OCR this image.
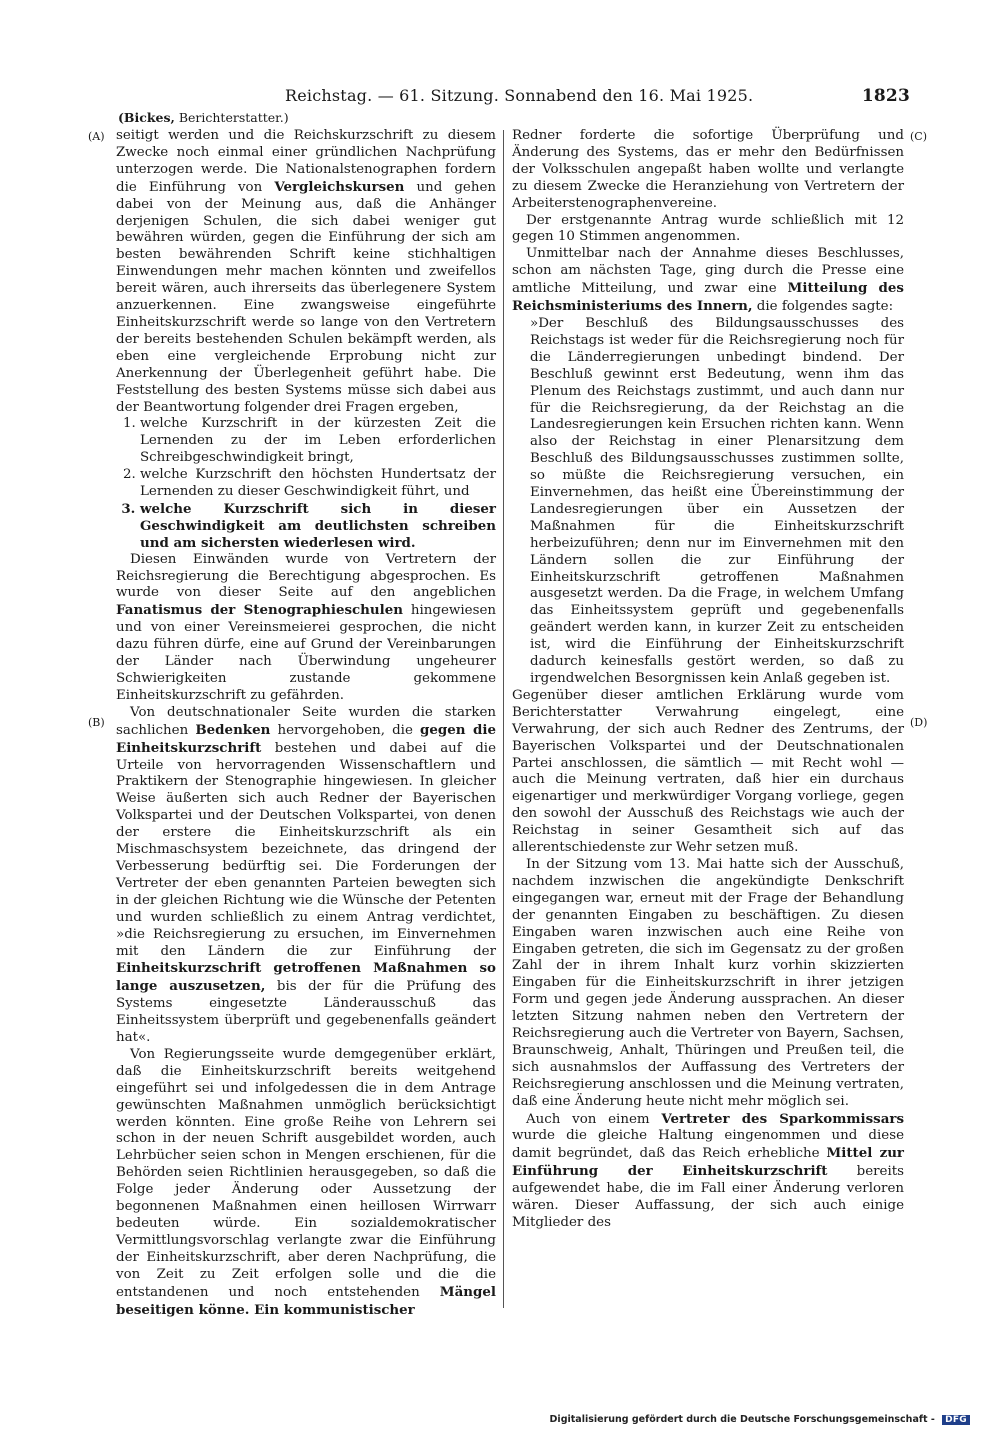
Reichstag. — 61. Sitzung. Sonnabend den 16. Mai 1925.	1823
(Bickes, Berichterstatter.)
(A)
(B)
(C)
(D)

seitigt werden und die Reichskurzschrift zu diesem Zwecke noch einmal einer gründlichen Nachprüfung unterzogen werde. Die Nationalstenographen fordern die Einführung von Vergleichskursen und gehen dabei von der Meinung aus, daß die Anhänger derjenigen Schulen, die sich dabei weniger gut bewähren würden, gegen die Einführung der sich am besten bewährenden Schrift keine stichhaltigen Einwendungen mehr machen könnten und zweifellos bereit wären, auch ihrerseits das überlegenere System anzuerkennen. Eine zwangsweise eingeführte Einheitskurzschrift werde so lange von den Vertretern der bereits bestehenden Schulen bekämpft werden, als eben eine vergleichende Erprobung nicht zur Anerkennung der Überlegenheit geführt habe. Die Feststellung des besten Systems müsse sich dabei aus der Beantwortung folgender drei Fragen ergeben,

1. welche Kurzschrift in der kürzesten Zeit die Lernenden zu der im Leben erforderlichen Schreibgeschwindigkeit bringt,
2. welche Kurzschrift den höchsten Hundertsatz der Lernenden zu dieser Geschwindigkeit führt, und
3. welche Kurzschrift sich in dieser Geschwindigkeit am deutlichsten schreiben und am sichersten wiederlesen wird.

Diesen Einwänden wurde von Vertretern der Reichsregierung die Berechtigung abgesprochen. Es wurde von dieser Seite auf den angeblichen Fanatismus der Stenographieschulen hingewiesen und von einer Vereinsmeierei gesprochen, die nicht dazu führen dürfe, eine auf Grund der Vereinbarungen der Länder nach Überwindung ungeheurer Schwierigkeiten zustande gekommene Einheitskurzschrift zu gefährden.

Von deutschnationaler Seite wurden die starken sachlichen Bedenken hervorgehoben, die gegen die Einheitskurzschrift bestehen und dabei auf die Urteile von hervorragenden Wissenschaftlern und Praktikern der Stenographie hingewiesen. In gleicher Weise äußerten sich auch Redner der Bayerischen Volkspartei und der Deutschen Volkspartei, von denen der erstere die Einheitskurzschrift als ein Mischmaschsystem bezeichnete, das dringend der Verbesserung bedürftig sei. Die Forderungen der Vertreter der eben genannten Parteien bewegten sich in der gleichen Richtung wie die Wünsche der Petenten und wurden schließlich zu einem Antrag verdichtet, »die Reichsregierung zu ersuchen, im Einvernehmen mit den Ländern die zur Einführung der Einheitskurzschrift getroffenen Maßnahmen so lange auszusetzen, bis der für die Prüfung des Systems eingesetzte Länderausschuß das Einheitssystem überprüft und gegebenenfalls geändert hat«.

Von Regierungsseite wurde demgegenüber erklärt, daß die Einheitskurzschrift bereits weitgehend eingeführt sei und infolgedessen die in dem Antrage gewünschten Maßnahmen unmöglich berücksichtigt werden könnten. Eine große Reihe von Lehrern sei schon in der neuen Schrift ausgebildet worden, auch Lehrbücher seien schon in Mengen erschienen, für die Behörden seien Richtlinien herausgegeben, so daß die Folge jeder Änderung oder Aussetzung der begonnenen Maßnahmen einen heillosen Wirrwarr bedeuten würde. Ein sozialdemokratischer Vermittlungsvorschlag verlangte zwar die Einführung der Einheitskurzschrift, aber deren Nachprüfung, die von Zeit zu Zeit erfolgen solle und die die entstandenen und noch entstehenden Mängel beseitigen könne. Ein kommunistischer

Redner forderte die sofortige Überprüfung und Änderung des Systems, das er mehr den Bedürfnissen der Volksschulen angepaßt haben wollte und verlangte zu diesem Zwecke die Heranziehung von Vertretern der Arbeiterstenographenvereine.

Der erstgenannte Antrag wurde schließlich mit 12 gegen 10 Stimmen angenommen.

Unmittelbar nach der Annahme dieses Beschlusses, schon am nächsten Tage, ging durch die Presse eine amtliche Mitteilung, und zwar eine Mitteilung des Reichsministeriums des Innern, die folgendes sagte:

»Der Beschluß des Bildungsausschusses des Reichstags ist weder für die Reichsregierung noch für die Länderregierungen unbedingt bindend. Der Beschluß gewinnt erst Bedeutung, wenn ihm das Plenum des Reichstags zustimmt, und auch dann nur für die Reichsregierung, da der Reichstag an die Landesregierungen kein Ersuchen richten kann. Wenn also der Reichstag in einer Plenarsitzung dem Beschluß des Bildungsausschusses zustimmen sollte, so müßte die Reichsregierung versuchen, ein Einvernehmen, das heißt eine Übereinstimmung der Landesregierungen über ein Aussetzen der Maßnahmen für die Einheitskurzschrift herbeizuführen; denn nur im Einvernehmen mit den Ländern sollen die zur Einführung der Einheitskurzschrift getroffenen Maßnahmen ausgesetzt werden. Da die Frage, in welchem Umfang das Einheitssystem geprüft und gegebenenfalls geändert werden kann, in kurzer Zeit zu entscheiden ist, wird die Einführung der Einheitskurzschrift dadurch keinesfalls gestört werden, so daß zu irgendwelchen Besorgnissen kein Anlaß gegeben ist.

Gegenüber dieser amtlichen Erklärung wurde vom Berichterstatter Verwahrung eingelegt, eine Verwahrung, der sich auch Redner des Zentrums, der Bayerischen Volkspartei und der Deutschnationalen Partei anschlossen, die sämtlich — mit Recht wohl — auch die Meinung vertraten, daß hier ein durchaus eigenartiger und merkwürdiger Vorgang vorliege, gegen den sowohl der Ausschuß des Reichstags wie auch der Reichstag in seiner Gesamtheit sich auf das allerentschiedenste zur Wehr setzen muß.

In der Sitzung vom 13. Mai hatte sich der Ausschuß, nachdem inzwischen die angekündigte Denkschrift eingegangen war, erneut mit der Frage der Behandlung der genannten Eingaben zu beschäftigen. Zu diesen Eingaben waren inzwischen auch eine Reihe von Eingaben getreten, die sich im Gegensatz zu der großen Zahl der in ihrem Inhalt kurz vorhin skizzierten Eingaben für die Einheitskurzschrift in ihrer jetzigen Form und gegen jede Änderung aussprachen. An dieser letzten Sitzung nahmen neben den Vertretern der Reichsregierung auch die Vertreter von Bayern, Sachsen, Braunschweig, Anhalt, Thüringen und Preußen teil, die sich ausnahmslos der Auffassung des Vertreters der Reichsregierung anschlossen und die Meinung vertraten, daß eine Änderung heute nicht mehr möglich sei.

Auch von einem Vertreter des Sparkommissars wurde die gleiche Haltung eingenommen und diese damit begründet, daß das Reich erhebliche Mittel zur Einführung der Einheitskurzschrift bereits aufgewendet habe, die im Fall einer Änderung verloren wären. Dieser Auffassung, der sich auch einige Mitglieder des

Digitalisierung gefördert durch die Deutsche Forschungsgemeinschaft - DFG
